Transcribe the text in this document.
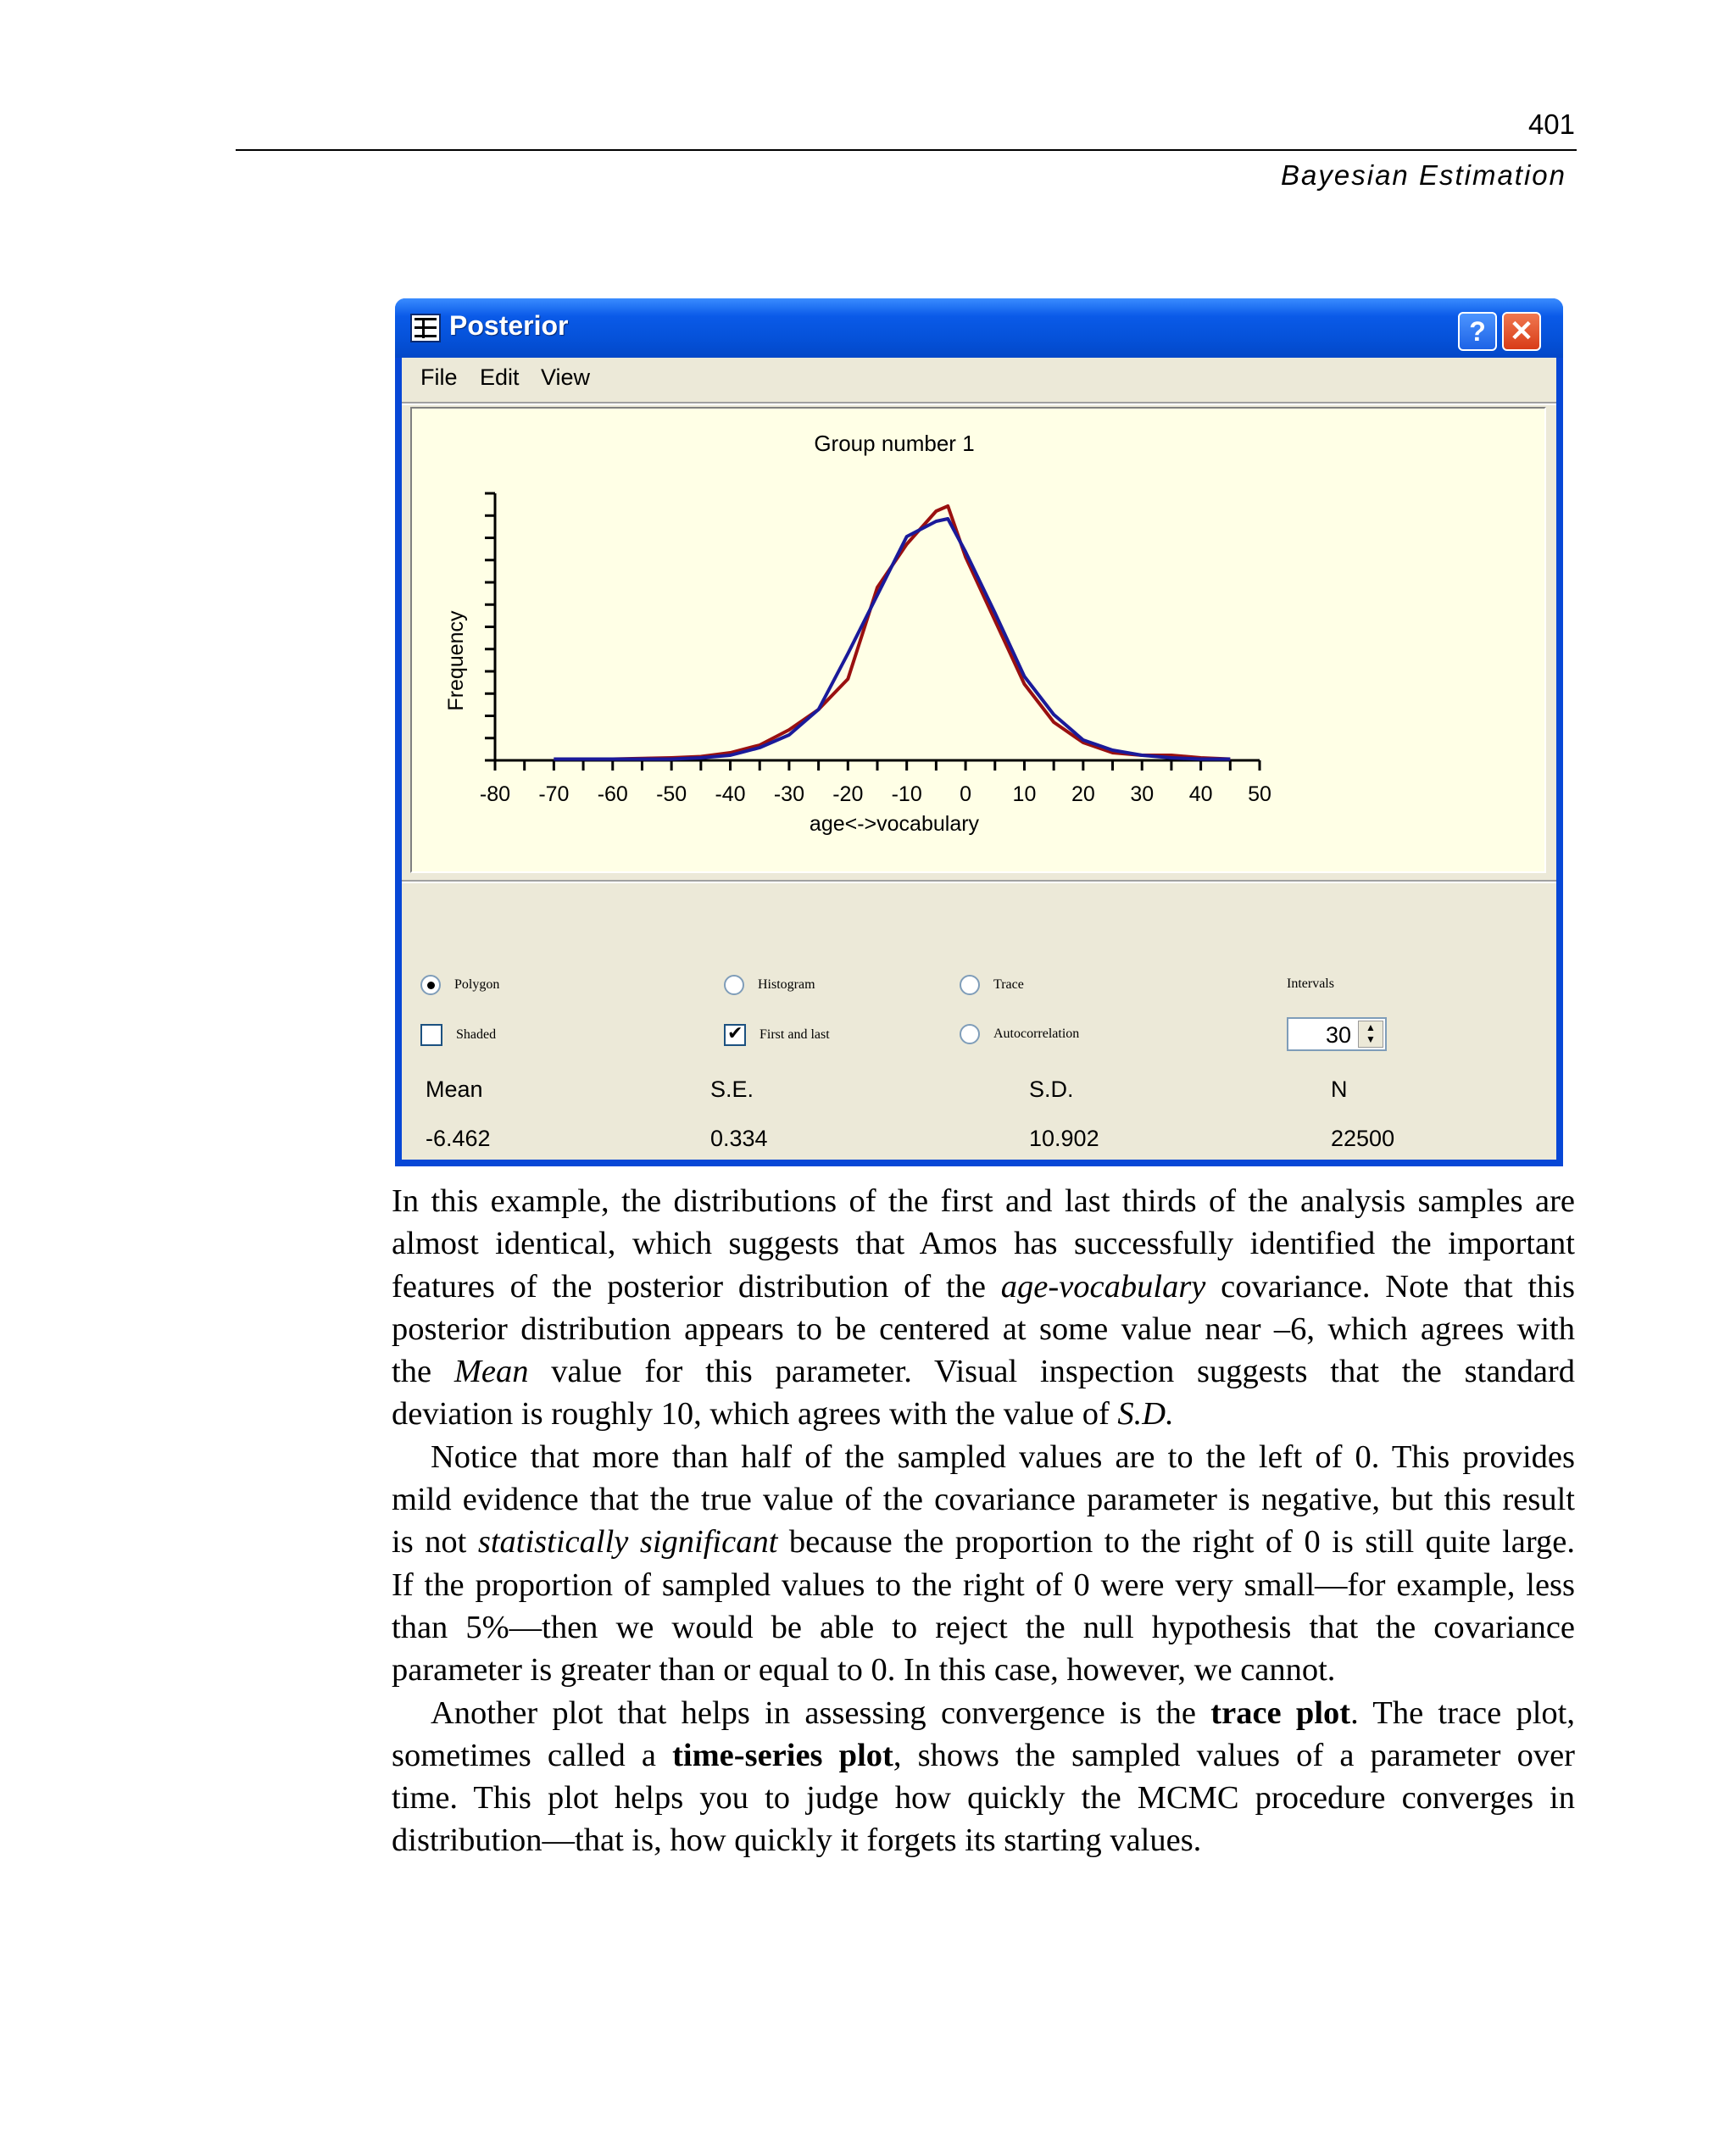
401
Bayesian Estimation
Posterior	? ✕
File Edit View
Group number 1
-80 -70 -60 -50 -40 -30 -20 -10 0 10 20 30 40 50
age<->vocabulary
Frequency
Polygon	Histogram	Trace	Intervals
Shaded
✔	First and last	Autocorrelation	30	▲
▼
Mean	S.E.	S.D.	N
-6.462	0.334	10.902	22500

In this example, the distributions of the first and last thirds of the analysis samples are
almost identical, which suggests that Amos has successfully identified the important
features of the posterior distribution of the age-vocabulary covariance. Note that this
posterior distribution appears to be centered at some value near –6, which agrees with
the Mean value for this parameter. Visual inspection suggests that the standard
deviation is roughly 10, which agrees with the value of S.D.

Notice that more than half of the sampled values are to the left of 0. This provides
mild evidence that the true value of the covariance parameter is negative, but this result
is not statistically significant because the proportion to the right of 0 is still quite large.
If the proportion of sampled values to the right of 0 were very small—for example, less
than 5%—then we would be able to reject the null hypothesis that the covariance
parameter is greater than or equal to 0. In this case, however, we cannot.

Another plot that helps in assessing convergence is the trace plot. The trace plot,
sometimes called a time-series plot, shows the sampled values of a parameter over
time. This plot helps you to judge how quickly the MCMC procedure converges in
distribution—that is, how quickly it forgets its starting values.
